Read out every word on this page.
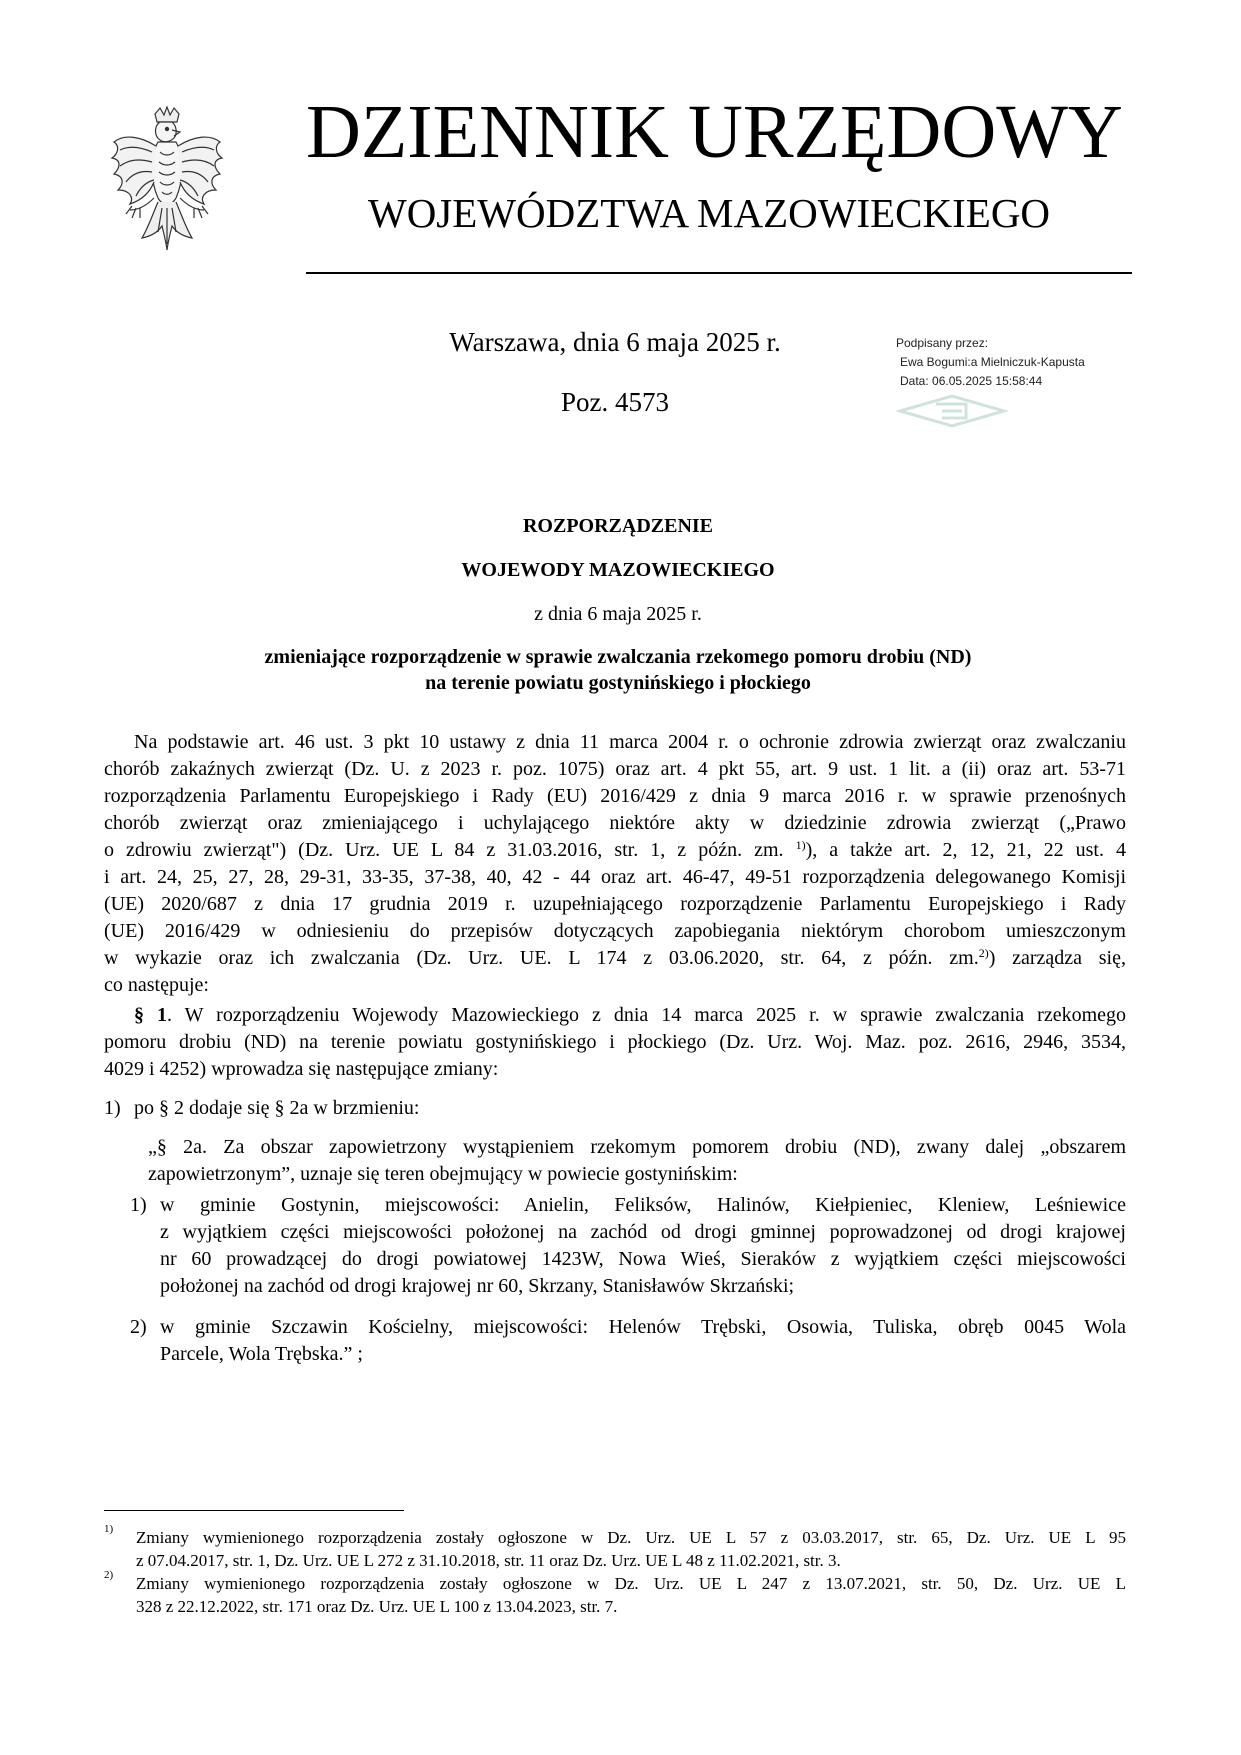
DZIENNIK URZĘDOWY
WOJEWÓDZTWA MAZOWIECKIEGO
Warszawa, dnia 6 maja 2025 r.
Poz. 4573
Podpisany przez:
Ewa Bogumi:a Mielniczuk-Kapusta
Data: 06.05.2025 15:58:44
ROZPORZĄDZENIE
WOJEWODY MAZOWIECKIEGO
z dnia 6 maja 2025 r.
zmieniające rozporządzenie w sprawie zwalczania rzekomego pomoru drobiu (ND)
na terenie powiatu gostynińskiego i płockiego
Na podstawie art. 46 ust. 3 pkt 10 ustawy z dnia 11 marca 2004 r. o ochronie zdrowia zwierząt oraz zwalczaniu
chorób zakaźnych zwierząt (Dz. U. z 2023 r. poz. 1075) oraz art. 4 pkt 55, art. 9 ust. 1 lit. a (ii) oraz art. 53-71
rozporządzenia Parlamentu Europejskiego i Rady (EU) 2016/429 z dnia 9 marca 2016 r. w sprawie przenośnych
chorób zwierząt oraz zmieniającego i uchylającego niektóre akty w dziedzinie zdrowia zwierząt („Prawo
o zdrowiu zwierząt") (Dz. Urz. UE L 84 z 31.03.2016, str. 1, z późn. zm. $^{1)}$), a także art. 2, 12, 21, 22 ust. 4
i art. 24, 25, 27, 28, 29-31, 33-35, 37-38, 40, 42 - 44 oraz art. 46-47, 49-51 rozporządzenia delegowanego Komisji
(UE) 2020/687 z dnia 17 grudnia 2019 r. uzupełniającego rozporządzenie Parlamentu Europejskiego i Rady
(UE) 2016/429 w odniesieniu do przepisów dotyczących zapobiegania niektórym chorobom umieszczonym
w wykazie oraz ich zwalczania (Dz. Urz. UE. L 174 z 03.06.2020, str. 64, z późn. zm.$^{2)}$) zarządza się,
co następuje:
§ 1. W rozporządzeniu Wojewody Mazowieckiego z dnia 14 marca 2025 r. w sprawie zwalczania rzekomego
pomoru drobiu (ND) na terenie powiatu gostynińskiego i płockiego (Dz. Urz. Woj. Maz. poz. 2616, 2946, 3534,
4029 i 4252) wprowadza się następujące zmiany:
1) po § 2 dodaje się § 2a w brzmieniu:
„§ 2a. Za obszar zapowietrzony wystąpieniem rzekomym pomorem drobiu (ND), zwany dalej „obszarem
zapowietrzonym”, uznaje się teren obejmujący w powiecie gostynińskim:
1) w gminie Gostynin, miejscowości: Anielin, Feliksów, Halinów, Kiełpieniec, Kleniew, Leśniewice
z wyjątkiem części miejscowości położonej na zachód od drogi gminnej poprowadzonej od drogi krajowej
nr 60 prowadzącej do drogi powiatowej 1423W, Nowa Wieś, Sieraków z wyjątkiem części miejscowości
położonej na zachód od drogi krajowej nr 60, Skrzany, Stanisławów Skrzański;
2) w gminie Szczawin Kościelny, miejscowości: Helenów Trębski, Osowia, Tuliska, obręb 0045 Wola
Parcele, Wola Trębska.” ;
1) Zmiany wymienionego rozporządzenia zostały ogłoszone w Dz. Urz. UE L 57 z 03.03.2017, str. 65, Dz. Urz. UE L 95
z 07.04.2017, str. 1, Dz. Urz. UE L 272 z 31.10.2018, str. 11 oraz Dz. Urz. UE L 48 z 11.02.2021, str. 3.
2) Zmiany wymienionego rozporządzenia zostały ogłoszone w Dz. Urz. UE L 247 z 13.07.2021, str. 50, Dz. Urz. UE L
328 z 22.12.2022, str. 171 oraz Dz. Urz. UE L 100 z 13.04.2023, str. 7.
